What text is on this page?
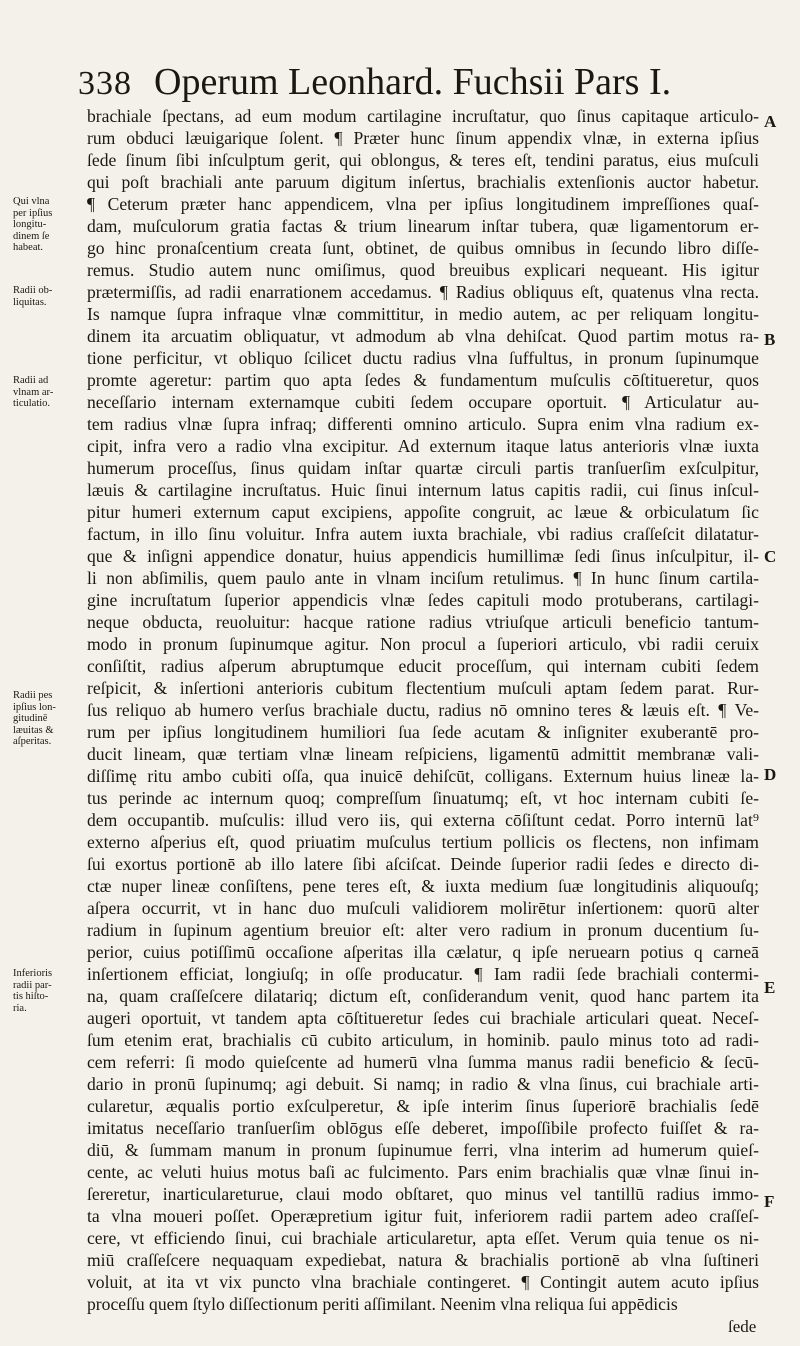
338 Operum Leonhard. Fuchsii Pars I.
brachiale ſpectans, ad eum modum cartilagine incruſtatur, quo ſinus capitaque articulo-
rum obduci læuigarique ſolent. ¶ Præter hunc ſinum appendix vlnæ, in externa ipſius
ſede ſinum ſibi inſculptum gerit, qui oblongus, & teres eſt, tendini paratus, eius muſculi
qui poſt brachiali ante paruum digitum inſertus, brachialis extenſionis auctor habetur.
¶ Ceterum præter hanc appendicem, vlna per ipſius longitudinem impreſſiones quaſ-
dam, muſculorum gratia factas & trium linearum inſtar tubera, quæ ligamentorum er-
go hinc pronaſcentium creata ſunt, obtinet, de quibus omnibus in ſecundo libro diſſe-
remus. Studio autem nunc omiſimus, quod breuibus explicari nequeant. His igitur
prætermiſſis, ad radii enarrationem accedamus. ¶ Radius obliquus eſt, quatenus vlna recta.
Is namque ſupra infraque vlnæ committitur, in medio autem, ac per reliquam longitu-
dinem ita arcuatim obliquatur, vt admodum ab vlna dehiſcat. Quod partim motus ra-
tione perficitur, vt obliquo ſcilicet ductu radius vlna ſuffultus, in pronum ſupinumque
promte ageretur: partim quo apta ſedes & fundamentum muſculis cōſtitueretur, quos
neceſſario internam externamque cubiti ſedem occupare oportuit. ¶ Articulatur au-
tem radius vlnæ ſupra infraq; differenti omnino articulo. Supra enim vlna radium ex-
cipit, infra vero a radio vlna excipitur. Ad externum itaque latus anterioris vlnæ iuxta
humerum proceſſus, ſinus quidam inſtar quartæ circuli partis tranſuerſim exſculpitur,
læuis & cartilagine incruſtatus. Huic ſinui internum latus capitis radii, cui ſinus inſcul-
pitur humeri externum caput excipiens, appoſite congruit, ac læue & orbiculatum ſic
factum, in illo ſinu voluitur. Infra autem iuxta brachiale, vbi radius craſſeſcit dilatatur-
que & inſigni appendice donatur, huius appendicis humillimæ ſedi ſinus inſculpitur, il-
li non abſimilis, quem paulo ante in vlnam inciſum retulimus. ¶ In hunc ſinum cartila-
gine incruſtatum ſuperior appendicis vlnæ ſedes capituli modo protuberans, cartilagi-
neque obducta, reuoluitur: hacque ratione radius vtriuſque articuli beneficio tantum-
modo in pronum ſupinumque agitur. Non procul a ſuperiori articulo, vbi radii ceruix
conſiſtit, radius aſperum abruptumque educit proceſſum, qui internam cubiti ſedem
reſpicit, & inſertioni anterioris cubitum flectentium muſculi aptam ſedem parat. Rur-
ſus reliquo ab humero verſus brachiale ductu, radius nō omnino teres & læuis eſt. ¶ Ve-
rum per ipſius longitudinem humiliori ſua ſede acutam & inſigniter exuberantē pro-
ducit lineam, quæ tertiam vlnæ lineam reſpiciens, ligamentū admittit membranæ vali-
diſſimę ritu ambo cubiti oſſa, qua inuicē dehiſcūt, colligans. Externum huius lineæ la-
tus perinde ac internum quoq; compreſſum ſinuatumq; eſt, vt hoc internam cubiti ſe-
dem occupantib. muſculis: illud vero iis, qui externa cōſiſtunt cedat. Porro internū lat⁹
externo aſperius eſt, quod priuatim muſculus tertium pollicis os flectens, non infimam
ſui exortus portionē ab illo latere ſibi aſciſcat. Deinde ſuperior radii ſedes e directo di-
ctæ nuper lineæ conſiſtens, pene teres eſt, & iuxta medium ſuæ longitudinis aliquouſq;
aſpera occurrit, vt in hanc duo muſculi validiorem molirētur inſertionem: quorū alter
radium in ſupinum agentium breuior eſt: alter vero radium in pronum ducentium ſu-
perior, cuius potiſſimū occaſione aſperitas illa cælatur, q ipſe neruearn potius q carneā
inſertionem efficiat, longiuſq; in oſſe producatur. ¶ Iam radii ſede brachiali contermi-
na, quam craſſeſcere dilatariq; dictum eſt, conſiderandum venit, quod hanc partem ita
augeri oportuit, vt tandem apta cōſtitueretur ſedes cui brachiale articulari queat. Neceſ-
ſum etenim erat, brachialis cū cubito articulum, in hominib. paulo minus toto ad radi-
cem referri: ſi modo quieſcente ad humerū vlna ſumma manus radii beneficio & ſecū-
dario in pronū ſupinumq; agi debuit. Si namq; in radio & vlna ſinus, cui brachiale arti-
cularetur, æqualis portio exſculperetur, & ipſe interim ſinus ſuperiorē brachialis ſedē
imitatus neceſſario tranſuerſim oblōgus eſſe deberet, impoſſibile profecto fuiſſet & ra-
diū, & ſummam manum in pronum ſupinumue ferri, vlna interim ad humerum quieſ-
cente, ac veluti huius motus baſi ac fulcimento. Pars enim brachialis quæ vlnæ ſinui in-
ſereretur, inarticulareturue, claui modo obſtaret, quo minus vel tantillū radius immo-
ta vlna moueri poſſet. Operæpretium igitur fuit, inferiorem radii partem adeo craſſeſ-
cere, vt efficiendo ſinui, cui brachiale articularetur, apta eſſet. Verum quia tenue os ni-
miū craſſeſcere nequaquam expediebat, natura & brachialis portionē ab vlna ſuſtineri
voluit, at ita vt vix puncto vlna brachiale contingeret. ¶ Contingit autem acuto ipſius
proceſſu quem ſtylo diſſectionum periti aſſimilant. Neenim vlna reliqua ſui appēdicis
Qui vlna
per ipſius
longitu-
dinem ſe
habeat.
Radii ob-
liquitas.
Radii ad
vlnam ar-
ticulatio.
Radii pes
ipſius lon-
gitudinē
læuitas &
aſperitas.
Inferioris
radii par-
tis hiſto-
ria.
A
B
C
D
E
F
ſede
